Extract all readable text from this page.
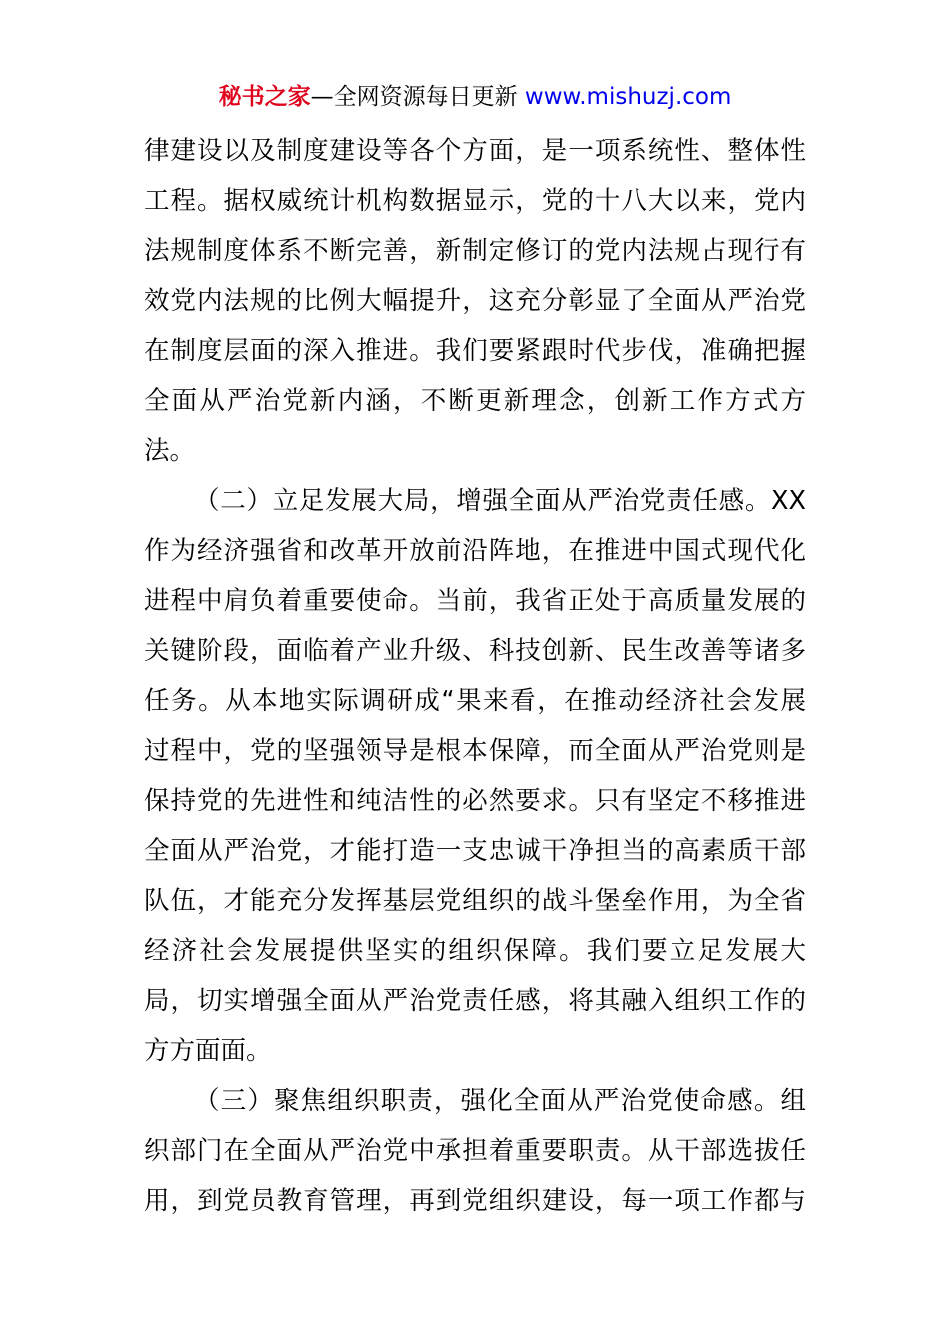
秘书之家—全网资源每日更新 www.mishuzj.com
律建设以及制度建设等各个方面，是一项系统性、整体性
工程。据权威统计机构数据显示，党的十八大以来，党内
法规制度体系不断完善，新制定修订的党内法规占现行有
效党内法规的比例大幅提升，这充分彰显了全面从严治党
在制度层面的深入推进。我们要紧跟时代步伐，准确把握
全面从严治党新内涵，不断更新理念，创新工作方式方
法。
（二）立足发展大局，增强全面从严治党责任感。XX
作为经济强省和改革开放前沿阵地，在推进中国式现代化
进程中肩负着重要使命。当前，我省正处于高质量发展的
关键阶段，面临着产业升级、科技创新、民生改善等诸多
任务。从本地实际调研成“果来看，在推动经济社会发展
过程中，党的坚强领导是根本保障，而全面从严治党则是
保持党的先进性和纯洁性的必然要求。只有坚定不移推进
全面从严治党，才能打造一支忠诚干净担当的高素质干部
队伍，才能充分发挥基层党组织的战斗堡垒作用，为全省
经济社会发展提供坚实的组织保障。我们要立足发展大
局，切实增强全面从严治党责任感，将其融入组织工作的
方方面面。
（三）聚焦组织职责，强化全面从严治党使命感。组
织部门在全面从严治党中承担着重要职责。从干部选拔任
用，到党员教育管理，再到党组织建设，每一项工作都与
